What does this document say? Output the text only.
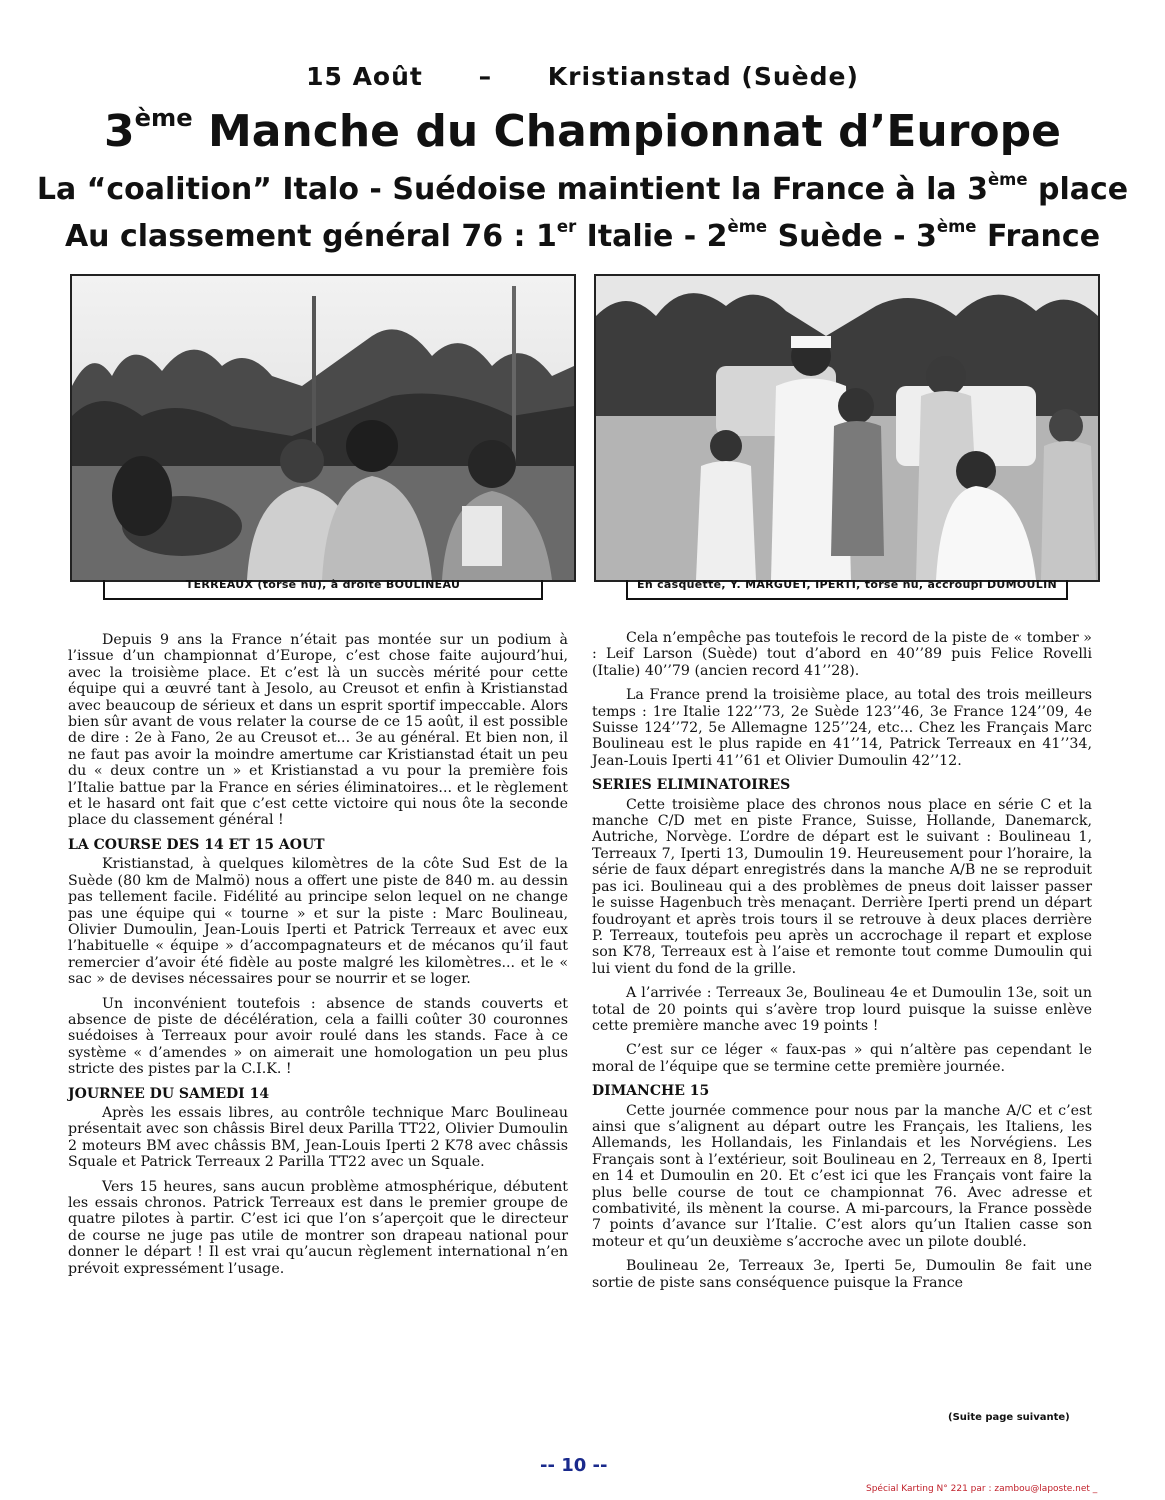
15 Août – Kristianstad (Suède)
3ème Manche du Championnat d’Europe
La “coalition” Italo - Suédoise maintient la France à la 3ème place
Au classement général 76 : 1er Italie - 2ème Suède - 3ème France
TERREAUX (torse nu), à droite BOULINEAU	En casquette, Y. MARGUET, IPERTI, torse nu, accroupi DUMOULIN

Depuis 9 ans la France n’était pas montée sur un podium à l’issue d’un championnat d’Europe, c’est chose faite aujourd’hui, avec la troisième place. Et c’est là un succès mérité pour cette équipe qui a œuvré tant à Jesolo, au Creusot et enfin à Kristianstad avec beaucoup de sérieux et dans un esprit sportif impeccable. Alors bien sûr avant de vous relater la course de ce 15 août, il est possible de dire : 2e à Fano, 2e au Creusot et... 3e au général. Et bien non, il ne faut pas avoir la moindre amertume car Kristianstad était un peu du « deux contre un » et Kristianstad a vu pour la première fois l’Italie battue par la France en séries éliminatoires... et le règlement et le hasard ont fait que c’est cette victoire qui nous ôte la seconde place du classement général !

LA COURSE DES 14 ET 15 AOUT

Kristianstad, à quelques kilomètres de la côte Sud Est de la Suède (80 km de Malmö) nous a offert une piste de 840 m. au dessin pas tellement facile. Fidélité au principe selon lequel on ne change pas une équipe qui « tourne » et sur la piste : Marc Boulineau, Olivier Dumoulin, Jean-Louis Iperti et Patrick Terreaux et avec eux l’habituelle « équipe » d’accompagnateurs et de mécanos qu’il faut remercier d’avoir été fidèle au poste malgré les kilomètres... et le « sac » de devises nécessaires pour se nourrir et se loger.

Un inconvénient toutefois : absence de stands couverts et absence de piste de décélération, cela a failli coûter 30 couronnes suédoises à Terreaux pour avoir roulé dans les stands. Face à ce système « d’amendes » on aimerait une homologation un peu plus stricte des pistes par la C.I.K. !

JOURNEE DU SAMEDI 14

Après les essais libres, au contrôle technique Marc Boulineau présentait avec son châssis Birel deux Parilla TT22, Olivier Dumoulin 2 moteurs BM avec châssis BM, Jean-Louis Iperti 2 K78 avec châssis Squale et Patrick Terreaux 2 Parilla TT22 avec un Squale.

Vers 15 heures, sans aucun problème atmosphérique, débutent les essais chronos. Patrick Terreaux est dans le premier groupe de quatre pilotes à partir. C’est ici que l’on s’aperçoit que le directeur de course ne juge pas utile de montrer son drapeau national pour donner le départ ! Il est vrai qu’aucun règlement international n’en prévoit expressément l’usage.

Cela n’empêche pas toutefois le record de la piste de « tomber » : Leif Larson (Suède) tout d’abord en 40’’89 puis Felice Rovelli (Italie) 40’’79 (ancien record 41’’28).

La France prend la troisième place, au total des trois meilleurs temps : 1re Italie 122’’73, 2e Suède 123’’46, 3e France 124’’09, 4e Suisse 124’’72, 5e Allemagne 125’’24, etc... Chez les Français Marc Boulineau est le plus rapide en 41’’14, Patrick Terreaux en 41’’34, Jean-Louis Iperti 41’’61 et Olivier Dumoulin 42’’12.

SERIES ELIMINATOIRES

Cette troisième place des chronos nous place en série C et la manche C/D met en piste France, Suisse, Hollande, Danemarck, Autriche, Norvège. L’ordre de départ est le suivant : Boulineau 1, Terreaux 7, Iperti 13, Dumoulin 19. Heureusement pour l’horaire, la série de faux départ enregistrés dans la manche A/B ne se reproduit pas ici. Boulineau qui a des problèmes de pneus doit laisser passer le suisse Hagenbuch très menaçant. Derrière Iperti prend un départ foudroyant et après trois tours il se retrouve à deux places derrière P. Terreaux, toutefois peu après un accrochage il repart et explose son K78, Terreaux est à l’aise et remonte tout comme Dumoulin qui lui vient du fond de la grille.

A l’arrivée : Terreaux 3e, Boulineau 4e et Dumoulin 13e, soit un total de 20 points qui s’avère trop lourd puisque la suisse enlève cette première manche avec 19 points !

C’est sur ce léger « faux-pas » qui n’altère pas cependant le moral de l’équipe que se termine cette première journée.

DIMANCHE 15

Cette journée commence pour nous par la manche A/C et c’est ainsi que s’alignent au départ outre les Français, les Italiens, les Allemands, les Hollandais, les Finlandais et les Norvégiens. Les Français sont à l’extérieur, soit Boulineau en 2, Terreaux en 8, Iperti en 14 et Dumoulin en 20. Et c’est ici que les Français vont faire la plus belle course de tout ce championnat 76. Avec adresse et combativité, ils mènent la course. A mi-parcours, la France possède 7 points d’avance sur l’Italie. C’est alors qu’un Italien casse son moteur et qu’un deuxième s’accroche avec un pilote doublé.

Boulineau 2e, Terreaux 3e, Iperti 5e, Dumoulin 8e fait une sortie de piste sans conséquence puisque la France

(Suite page suivante)
-- 10 --
Spécial Karting N° 221 par : zambou@laposte.net _
